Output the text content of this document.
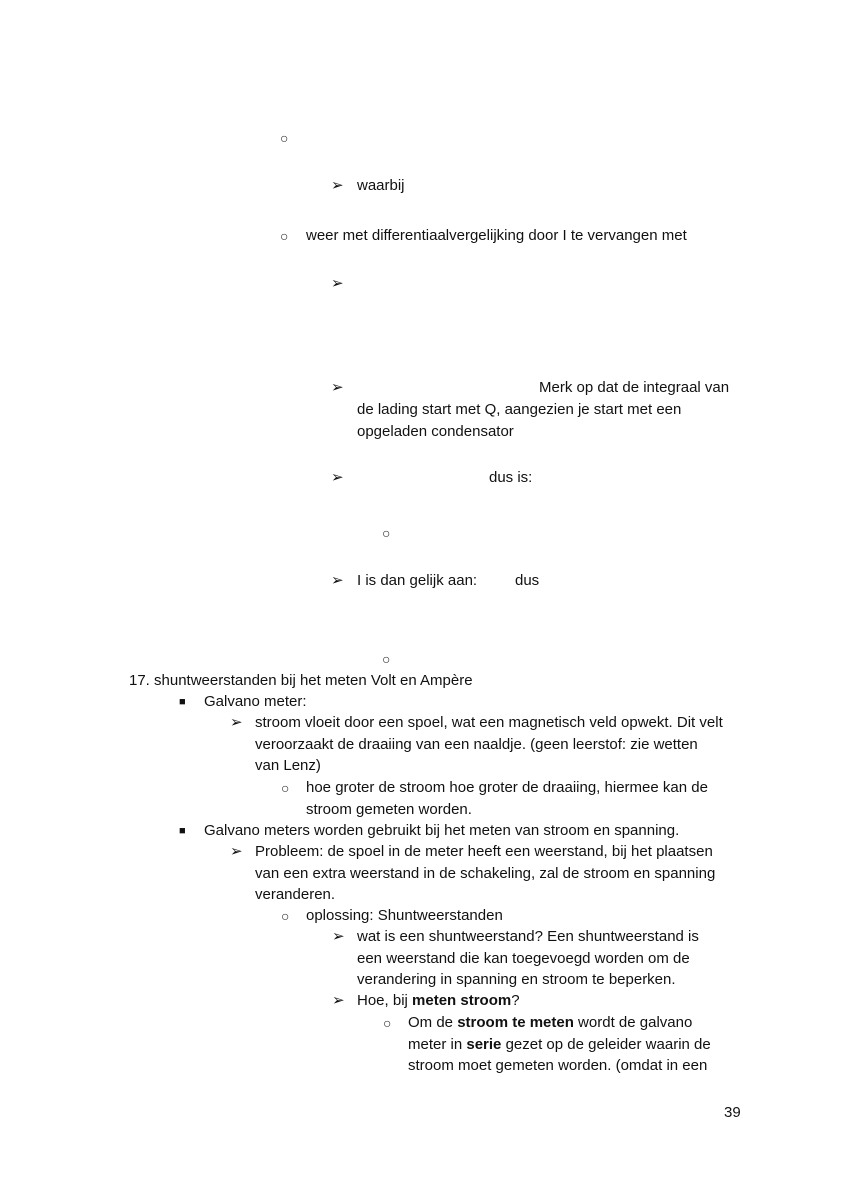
○
➢ waarbij
○ weer met differentiaalvergelijking door I te vervangen met
➢
➢	Merk op dat de integraal van
de lading start met Q, aangezien je start met een
opgeladen condensator
➢	dus is:
○
➢ I is dan gelijk aan:	dus
○
17. shuntweerstanden bij het meten Volt en Ampère
■ Galvano meter:
➢ stroom vloeit door een spoel, wat een magnetisch veld opwekt. Dit velt
veroorzaakt de draaiing van een naaldje. (geen leerstof: zie wetten
van Lenz)
○ hoe groter de stroom hoe groter de draaiing, hiermee kan de
stroom gemeten worden.
■ Galvano meters worden gebruikt bij het meten van stroom en spanning.
➢ Probleem: de spoel in de meter heeft een weerstand, bij het plaatsen
van een extra weerstand in de schakeling, zal de stroom en spanning
veranderen.
○ oplossing: Shuntweerstanden
➢ wat is een shuntweerstand? Een shuntweerstand is
een weerstand die kan toegevoegd worden om de
verandering in spanning en stroom te beperken.
➢ Hoe, bij meten stroom?
○ Om de stroom te meten wordt de galvano
meter in serie gezet op de geleider waarin de
stroom moet gemeten worden. (omdat in een
39
